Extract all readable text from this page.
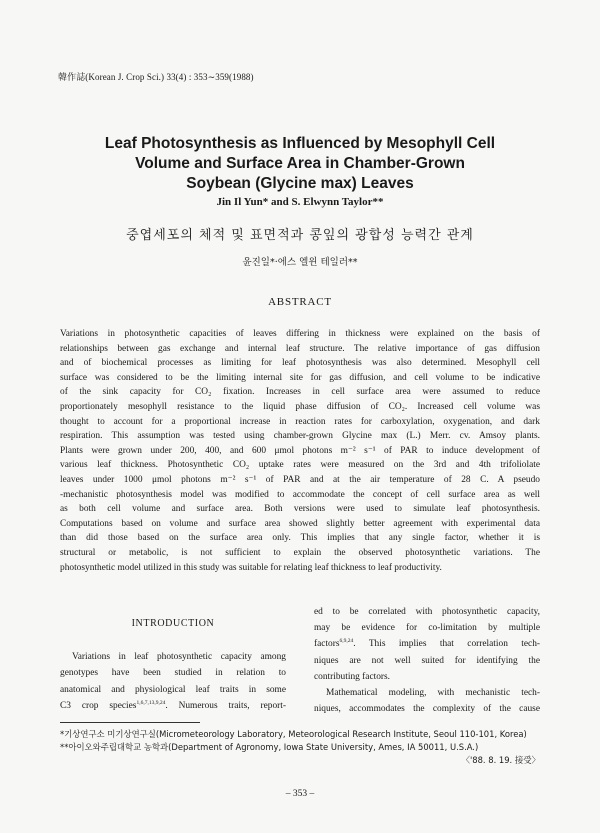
韓作誌(Korean J. Crop Sci.) 33(4) : 353∼359(1988)
Leaf Photosynthesis as Influenced by Mesophyll Cell
Volume and Surface Area in Chamber-Grown
Soybean (Glycine max) Leaves
Jin Il Yun* and S. Elwynn Taylor**
중엽세포의 체적 및 표면적과 콩잎의 광합성 능력간 관계
윤진일*·에스 엘윈 테일러**
ABSTRACT
Variations in photosynthetic capacities of leaves differing in thickness were explained on the basis of
relationships between gas exchange and internal leaf structure. The relative importance of gas diffusion
and of biochemical processes as limiting for leaf photosynthesis was also determined. Mesophyll cell
surface was considered to be the limiting internal site for gas diffusion, and cell volume to be indicative
of the sink capacity for CO₂ fixation. Increases in cell surface area were assumed to reduce
proportionately mesophyll resistance to the liquid phase diffusion of CO₂. Increased cell volume was
thought to account for a proportional increase in reaction rates for carboxylation, oxygenation, and dark
respiration. This assumption was tested using chamber-grown Glycine max (L.) Merr. cv. Amsoy plants.
Plants were grown under 200, 400, and 600 μmol photons m⁻² s⁻¹ of PAR to induce development of
various leaf thickness. Photosynthetic CO₂ uptake rates were measured on the 3rd and 4th trifoliolate
leaves under 1000 μmol photons m⁻² s⁻¹ of PAR and at the air temperature of 28 C. A pseudo
-mechanistic photosynthesis model was modified to accommodate the concept of cell surface area as well
as both cell volume and surface area. Both versions were used to simulate leaf photosynthesis.
Computations based on volume and surface area showed slightly better agreement with experimental data
than did those based on the surface area only. This implies that any single factor, whether it is
structural or metabolic, is not sufficient to explain the observed photosynthetic variations. The
photosynthetic model utilized in this study was suitable for relating leaf thickness to leaf productivity.
INTRODUCTION
Variations in leaf photosynthetic capacity among
genotypes have been studied in relation to
anatomical and physiological leaf traits in some
C3 crop species$^{1,6,7,13,9,24}$. Numerous traits, report-
ed to be correlated with photosynthetic capacity,
may be evidence for co-limitation by multiple
factors$^{6,9,24}$. This implies that correlation tech-
niques are not well suited for identifying the
contributing factors.
Mathematical modeling, with mechanistic tech-
niques, accommodates the complexity of the cause
*기상연구소 미기상연구실(Micrometeorology Laboratory, Meteorological Research Institute, Seoul 110-101, Korea)
**아이오와주립대학교 농학과(Department of Agronomy, Iowa State University, Ames, IA 50011, U.S.A.)
〈'88. 8. 19. 接受〉
– 353 –
